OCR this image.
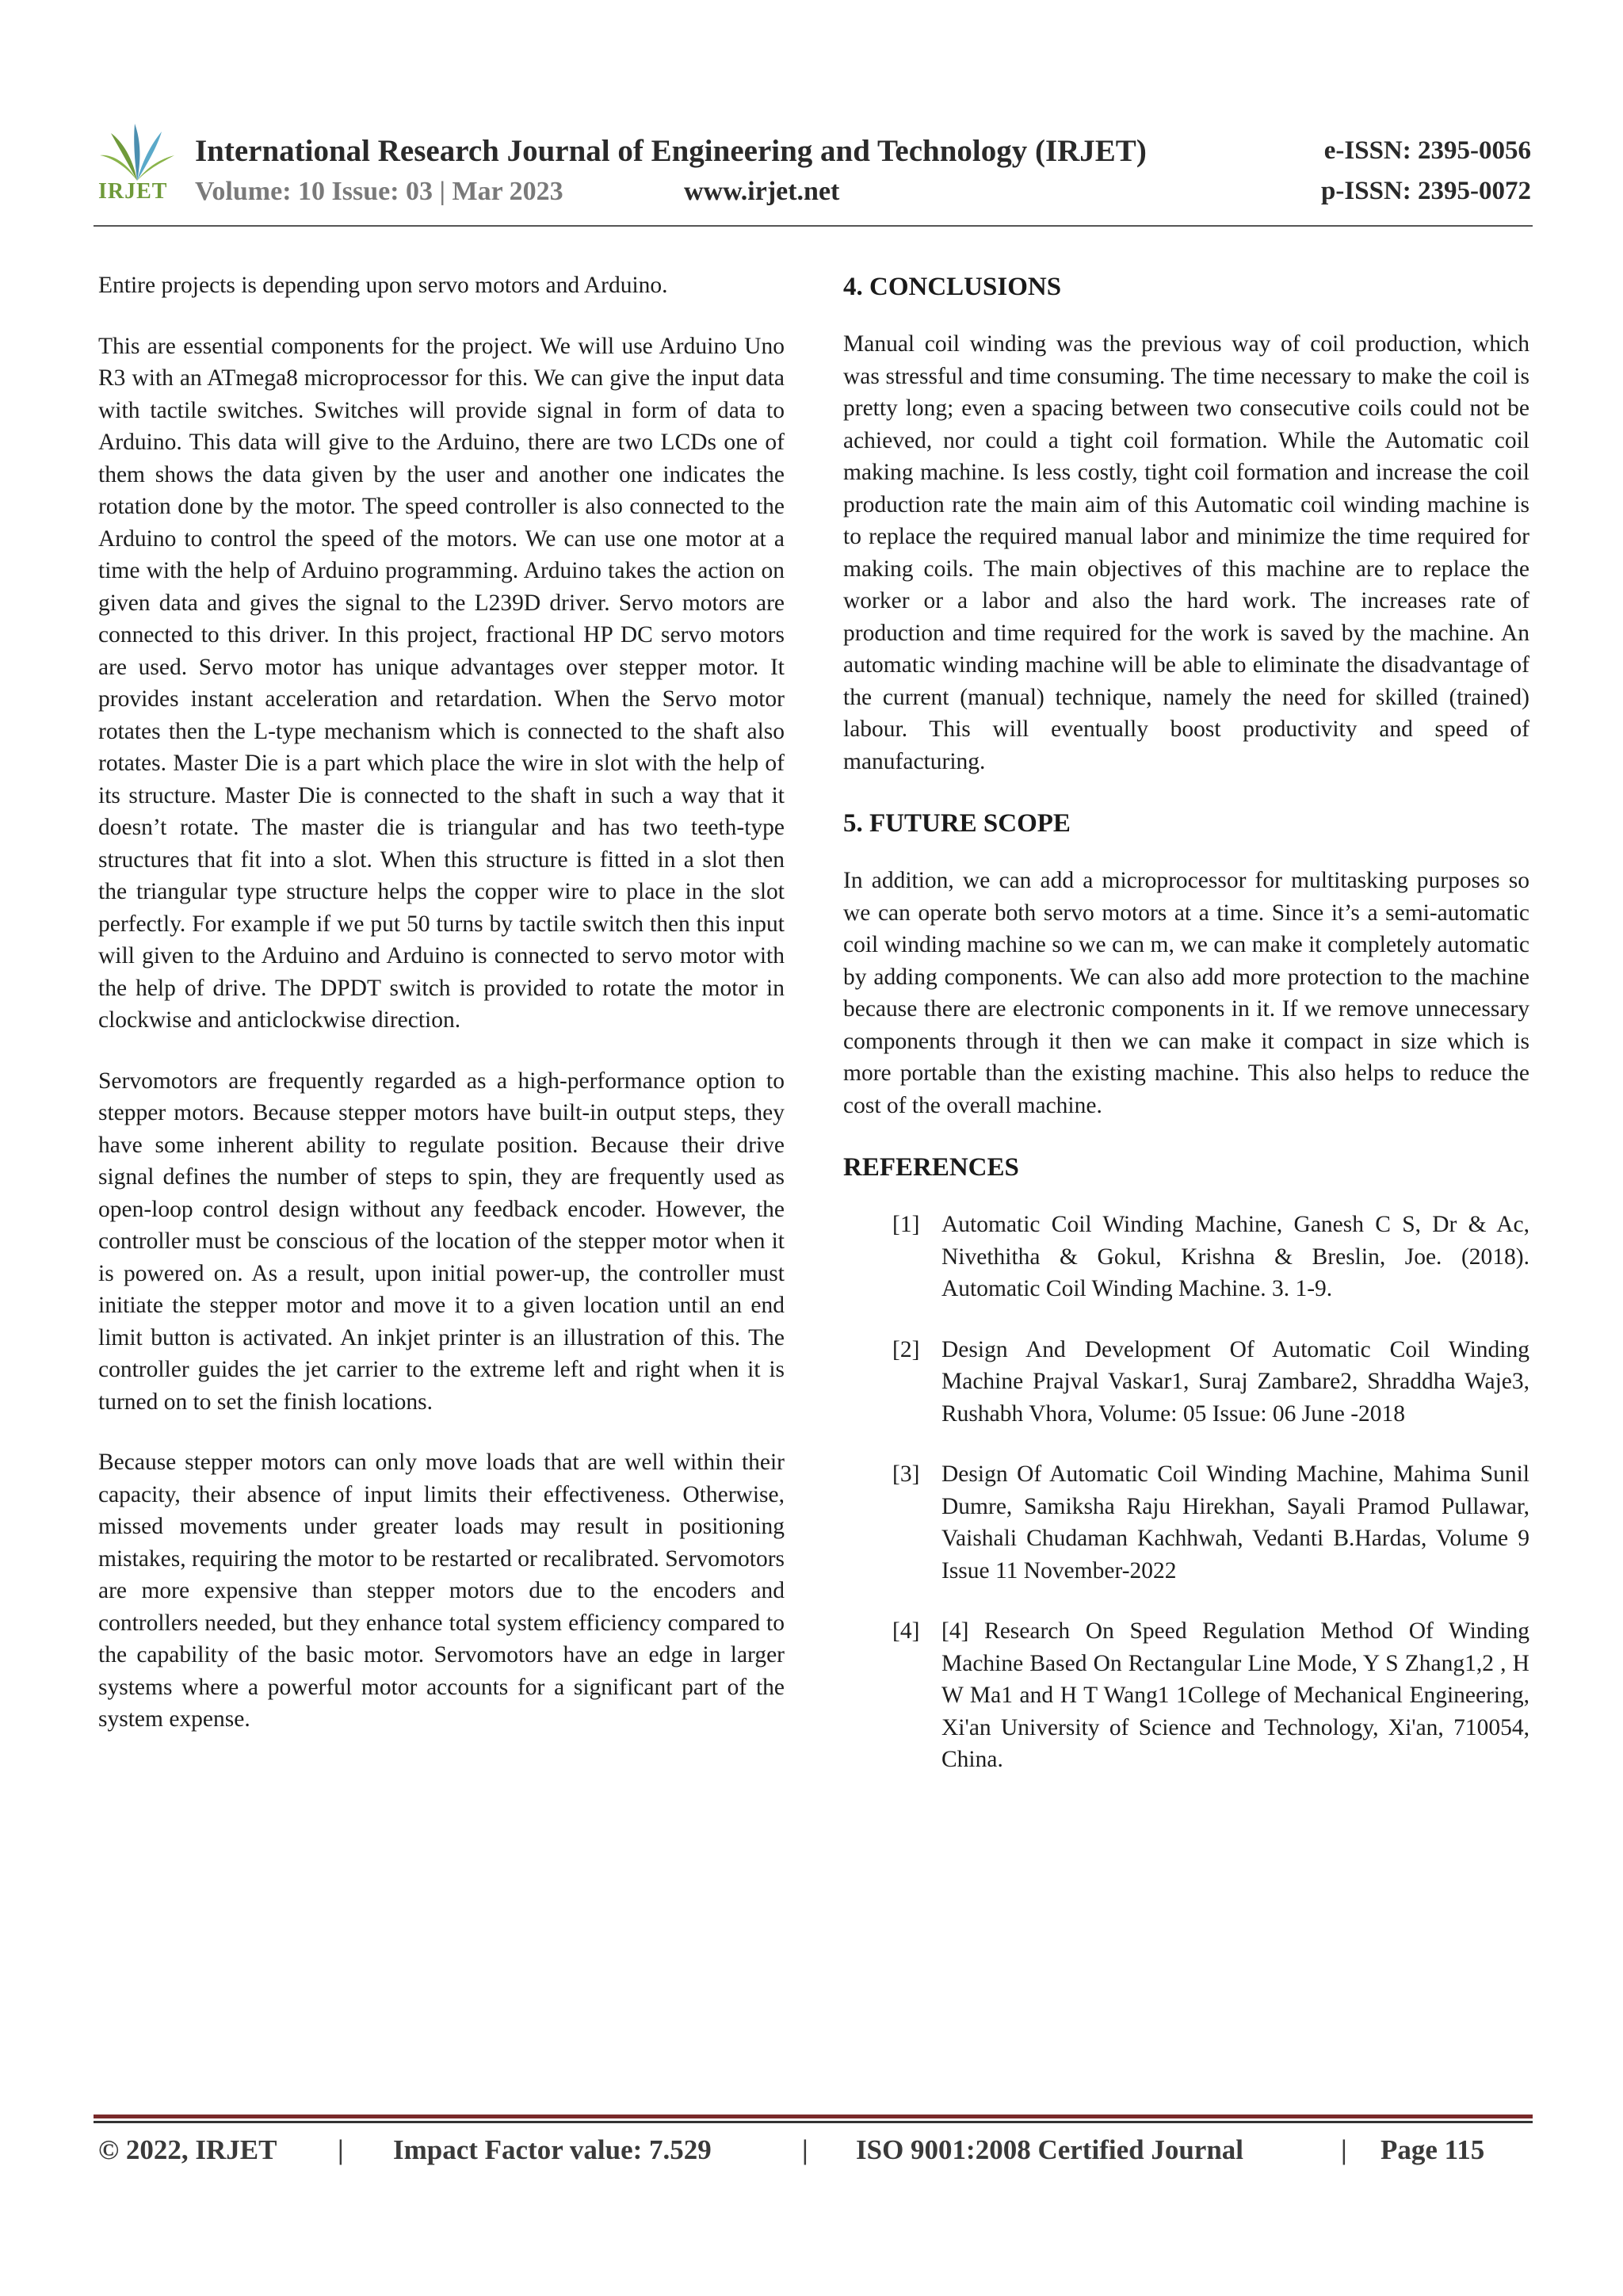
IRJET
International Research Journal of Engineering and Technology (IRJET)
Volume: 10 Issue: 03 | Mar 2023	www.irjet.net
e-ISSN: 2395-0056
p-ISSN: 2395-0072

Entire projects is depending upon servo motors and Arduino.

This are essential components for the project. We will use Arduino Uno R3 with an ATmega8 microprocessor for this. We can give the input data with tactile switches. Switches will provide signal in form of data to Arduino. This data will give to the Arduino, there are two LCDs one of them shows the data given by the user and another one indicates the rotation done by the motor. The speed controller is also connected to the Arduino to control the speed of the motors. We can use one motor at a time with the help of Arduino programming. Arduino takes the action on given data and gives the signal to the L239D driver. Servo motors are connected to this driver. In this project, fractional HP DC servo motors are used. Servo motor has unique advantages over stepper motor. It provides instant acceleration and retardation. When the Servo motor rotates then the L-type mechanism which is connected to the shaft also rotates. Master Die is a part which place the wire in slot with the help of its structure. Master Die is connected to the shaft in such a way that it doesn’t rotate. The master die is triangular and has two teeth-type structures that fit into a slot. When this structure is fitted in a slot then the triangular type structure helps the copper wire to place in the slot perfectly. For example if we put 50 turns by tactile switch then this input will given to the Arduino and Arduino is connected to servo motor with the help of drive. The DPDT switch is provided to rotate the motor in clockwise and anticlockwise direction.

Servomotors are frequently regarded as a high-performance option to stepper motors. Because stepper motors have built-in output steps, they have some inherent ability to regulate position. Because their drive signal defines the number of steps to spin, they are frequently used as open-loop control design without any feedback encoder. However, the controller must be conscious of the location of the stepper motor when it is powered on. As a result, upon initial power-up, the controller must initiate the stepper motor and move it to a given location until an end limit button is activated. An inkjet printer is an illustration of this. The controller guides the jet carrier to the extreme left and right when it is turned on to set the finish locations.

Because stepper motors can only move loads that are well within their capacity, their absence of input limits their effectiveness. Otherwise, missed movements under greater loads may result in positioning mistakes, requiring the motor to be restarted or recalibrated. Servomotors are more expensive than stepper motors due to the encoders and controllers needed, but they enhance total system efficiency compared to the capability of the basic motor. Servomotors have an edge in larger systems where a powerful motor accounts for a significant part of the system expense.

4. CONCLUSIONS

Manual coil winding was the previous way of coil production, which was stressful and time consuming. The time necessary to make the coil is pretty long; even a spacing between two consecutive coils could not be achieved, nor could a tight coil formation. While the Automatic coil making machine. Is less costly, tight coil formation and increase the coil production rate the main aim of this Automatic coil winding machine is to replace the required manual labor and minimize the time required for making coils. The main objectives of this machine are to replace the worker or a labor and also the hard work. The increases rate of production and time required for the work is saved by the machine. An automatic winding machine will be able to eliminate the disadvantage of the current (manual) technique, namely the need for skilled (trained) labour. This will eventually boost productivity and speed of manufacturing.

5. FUTURE SCOPE

In addition, we can add a microprocessor for multitasking purposes so we can operate both servo motors at a time. Since it’s a semi-automatic coil winding machine so we can m, we can make it completely automatic by adding components. We can also add more protection to the machine because there are electronic components in it. If we remove unnecessary components through it then we can make it compact in size which is more portable than the existing machine. This also helps to reduce the cost of the overall machine.

REFERENCES
[1] Automatic Coil Winding Machine, Ganesh C S, Dr & Ac, Nivethitha & Gokul, Krishna & Breslin, Joe. (2018). Automatic Coil Winding Machine. 3. 1-9.
[2] Design And Development Of Automatic Coil Winding Machine Prajval Vaskar1, Suraj Zambare2, Shraddha Waje3, Rushabh Vhora, Volume: 05 Issue: 06 June -2018
[3] Design Of Automatic Coil Winding Machine, Mahima Sunil Dumre, Samiksha Raju Hirekhan, Sayali Pramod Pullawar, Vaishali Chudaman Kachhwah, Vedanti B.Hardas, Volume 9 Issue 11 November-2022
[4] [4] Research On Speed Regulation Method Of Winding Machine Based On Rectangular Line Mode, Y S Zhang1,2 , H W Ma1 and H T Wang1 1College of Mechanical Engineering, Xi'an University of Science and Technology, Xi'an, 710054, China.
© 2022, IRJET | Impact Factor value: 7.529	| ISO 9001:2008 Certified Journal	| Page 115
